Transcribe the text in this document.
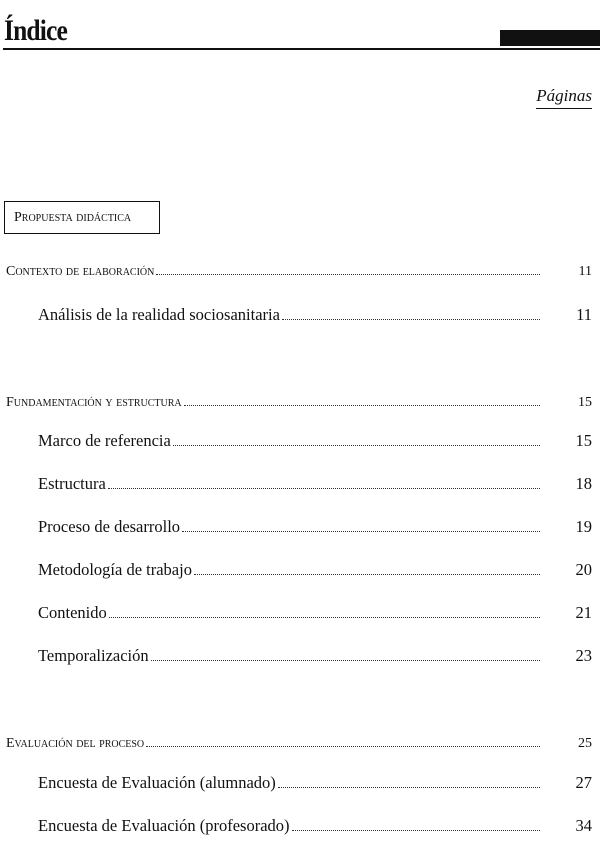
Índice
Páginas
Propuesta didáctica
Contexto de elaboración	11
Análisis de la realidad sociosanitaria	11
Fundamentación y estructura	15
Marco de referencia	15
Estructura	18
Proceso de desarrollo	19
Metodología de trabajo	20
Contenido	21
Temporalización	23
Evaluación del proceso	25
Encuesta de Evaluación (alumnado)	27
Encuesta de Evaluación (profesorado)	34
